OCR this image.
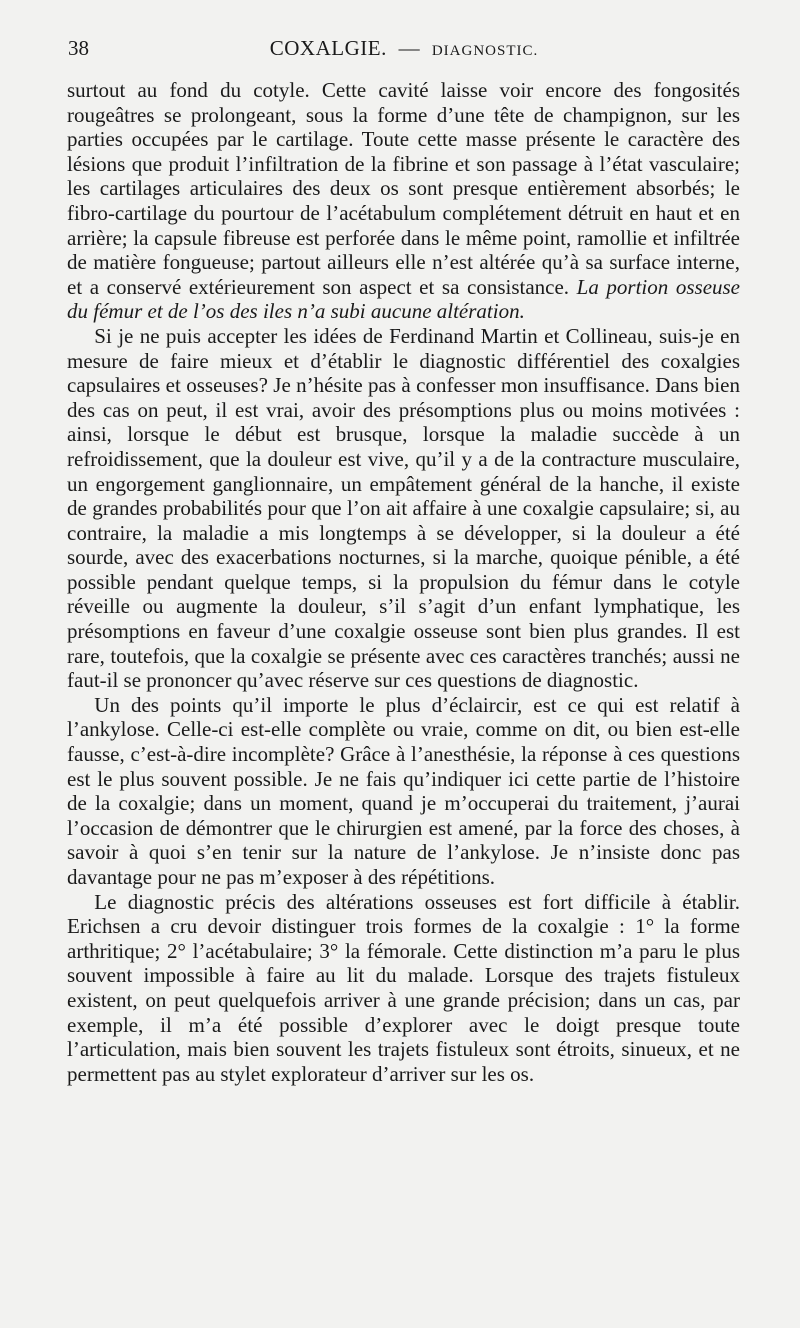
38	COXALGIE. — DIAGNOSTIC.

surtout au fond du cotyle. Cette cavité laisse voir encore des fongosités rougeâtres se prolongeant, sous la forme d’une tête de champignon, sur les parties occupées par le cartilage. Toute cette masse présente le caractère des lésions que produit l’infiltration de la fibrine et son passage à l’état vasculaire; les cartilages articulaires des deux os sont presque entièrement absorbés; le fibro-cartilage du pourtour de l’acétabulum complétement détruit en haut et en arrière; la capsule fibreuse est perforée dans le même point, ramollie et infiltrée de matière fongueuse; partout ailleurs elle n’est altérée qu’à sa surface interne, et a conservé extérieurement son aspect et sa consistance. La portion osseuse du fémur et de l’os des iles n’a subi aucune altération.

Si je ne puis accepter les idées de Ferdinand Martin et Collineau, suis-je en mesure de faire mieux et d’établir le diagnostic différentiel des coxalgies capsulaires et osseuses? Je n’hésite pas à confesser mon insuffisance. Dans bien des cas on peut, il est vrai, avoir des présomptions plus ou moins motivées : ainsi, lorsque le début est brusque, lorsque la maladie succède à un refroidissement, que la douleur est vive, qu’il y a de la contracture musculaire, un engorgement ganglionnaire, un empâtement général de la hanche, il existe de grandes probabilités pour que l’on ait affaire à une coxalgie capsulaire; si, au contraire, la maladie a mis longtemps à se développer, si la douleur a été sourde, avec des exacerbations nocturnes, si la marche, quoique pénible, a été possible pendant quelque temps, si la propulsion du fémur dans le cotyle réveille ou augmente la douleur, s’il s’agit d’un enfant lymphatique, les présomptions en faveur d’une coxalgie osseuse sont bien plus grandes. Il est rare, toutefois, que la coxalgie se présente avec ces caractères tranchés; aussi ne faut-il se prononcer qu’avec réserve sur ces questions de diagnostic.

Un des points qu’il importe le plus d’éclaircir, est ce qui est relatif à l’ankylose. Celle-ci est-elle complète ou vraie, comme on dit, ou bien est-elle fausse, c’est-à-dire incomplète? Grâce à l’anesthésie, la réponse à ces questions est le plus souvent possible. Je ne fais qu’indiquer ici cette partie de l’histoire de la coxalgie; dans un moment, quand je m’occuperai du traitement, j’aurai l’occasion de démontrer que le chirurgien est amené, par la force des choses, à savoir à quoi s’en tenir sur la nature de l’ankylose. Je n’insiste donc pas davantage pour ne pas m’exposer à des répétitions.

Le diagnostic précis des altérations osseuses est fort difficile à établir. Erichsen a cru devoir distinguer trois formes de la coxalgie : 1° la forme arthritique; 2° l’acétabulaire; 3° la fémorale. Cette distinction m’a paru le plus souvent impossible à faire au lit du malade. Lorsque des trajets fistuleux existent, on peut quelquefois arriver à une grande précision; dans un cas, par exemple, il m’a été possible d’explorer avec le doigt presque toute l’articulation, mais bien souvent les trajets fistuleux sont étroits, sinueux, et ne permettent pas au stylet explorateur d’arriver sur les os.
